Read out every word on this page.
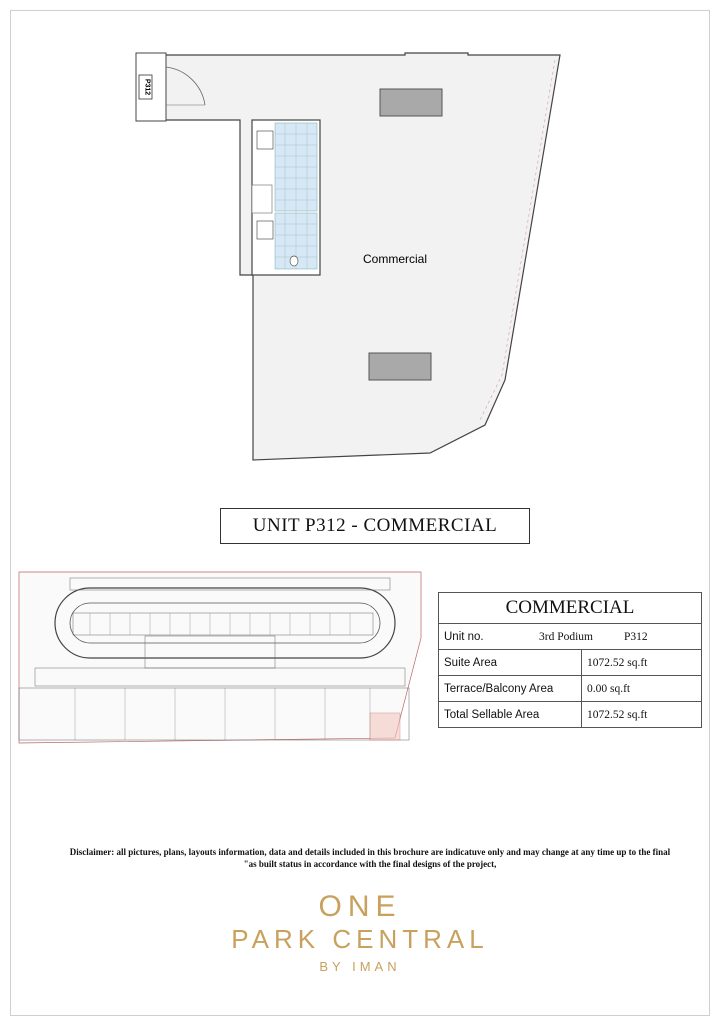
P312
Commercial
UNIT P312 - COMMERCIAL
COMMERCIAL	

Unit no. 3rd Podium P312	

Suite Area	1072.52 sq.ft
Terrace/Balcony Area	0.00 sq.ft
Total Sellable Area	1072.52 sq.ft
Disclaimer: all pictures, plans, layouts information, data and details included in this brochure are indicatuve only and may change at any time up to the final
"as built status in accordance with the final designs of the project,
ONE
PARK CENTRAL
BY IMAN
